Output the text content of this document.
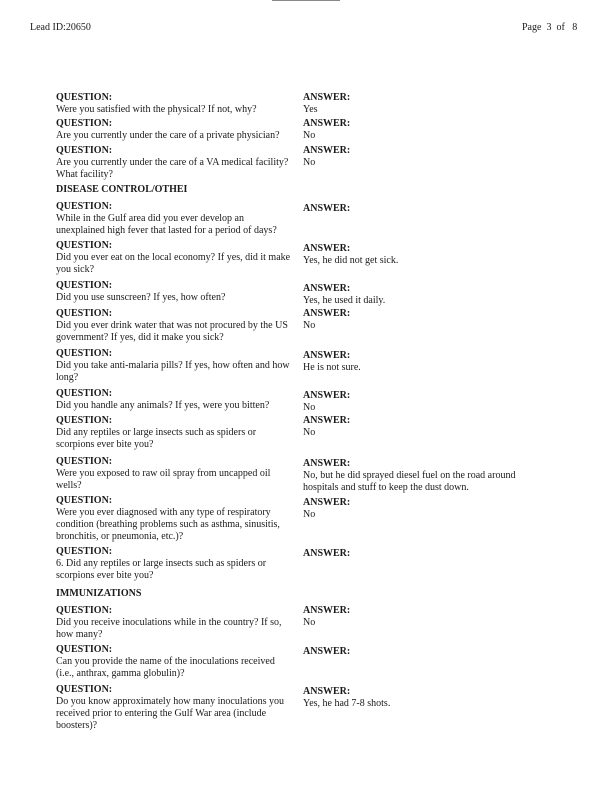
Lead ID:20650	Page 3 of 8
QUESTION:
Were you satisfied with the physical? If not, why?
ANSWER:
Yes
QUESTION:
Are you currently under the care of a private physician?
ANSWER:
No
QUESTION:
Are you currently under the care of a VA medical facility? What facility?
ANSWER:
No
DISEASE CONTROL/OTHEI
QUESTION:
While in the Gulf area did you ever develop an unexplained high fever that lasted for a period of days?
ANSWER:
QUESTION:
Did you ever eat on the local economy? If yes, did it make you sick?
ANSWER:
Yes, he did not get sick.
QUESTION:
Did you use sunscreen? If yes, how often?
ANSWER:
Yes, he used it daily.
QUESTION:
Did you ever drink water that was not procured by the US government? If yes, did it make you sick?
ANSWER:
No
QUESTION:
Did you take anti-malaria pills? If yes, how often and how long?
ANSWER:
He is not sure.
QUESTION:
Did you handle any animals? If yes, were you bitten?
ANSWER:
No
QUESTION:
Did any reptiles or large insects such as spiders or scorpions ever bite you?
ANSWER:
No
QUESTION:
Were you exposed to raw oil spray from uncapped oil wells?
ANSWER:
No, but he did sprayed diesel fuel on the road around hospitals and stuff to keep the dust down.
QUESTION:
Were you ever diagnosed with any type of respiratory condition (breathing problems such as asthma, sinusitis, bronchitis, or pneumonia, etc.)?
ANSWER:
No
QUESTION:
6. Did any reptiles or large insects such as spiders or scorpions ever bite you?
ANSWER:
IMMUNIZATIONS
QUESTION:
Did you receive inoculations while in the country? If so, how many?
ANSWER:
No
QUESTION:
Can you provide the name of the inoculations received (i.e., anthrax, gamma globulin)?
ANSWER:
QUESTION:
Do you know approximately how many inoculations you received prior to entering the Gulf War area (include boosters)?
ANSWER:
Yes, he had 7-8 shots.
